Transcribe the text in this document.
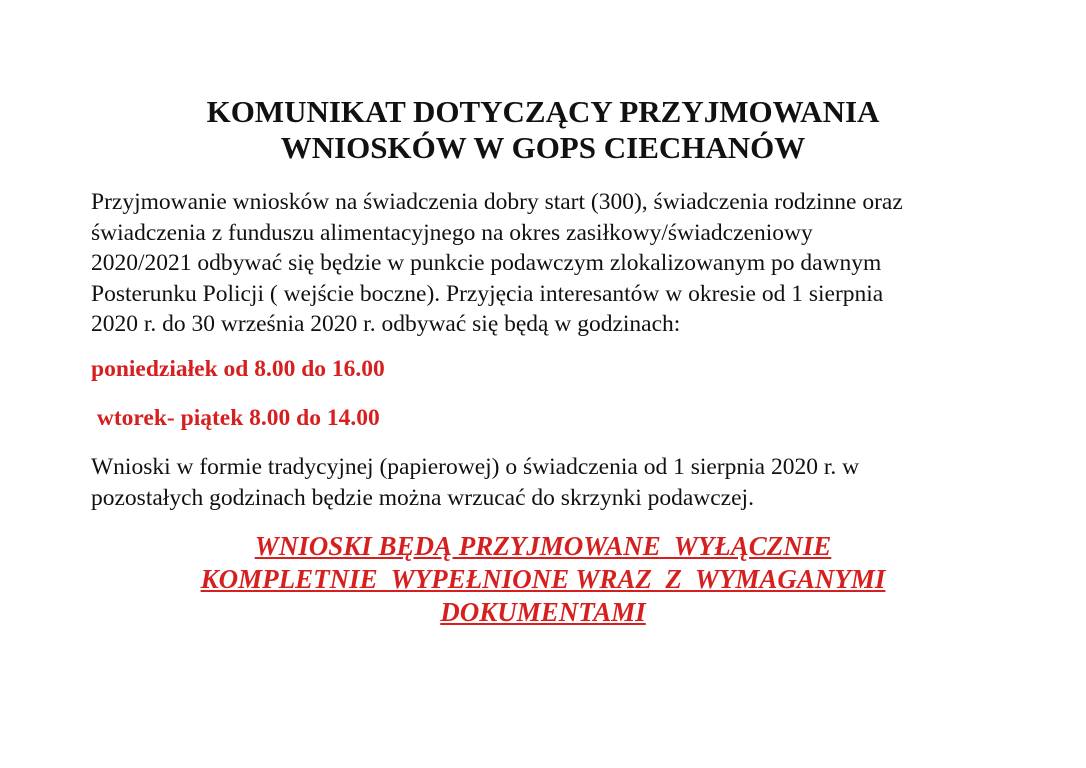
KOMUNIKAT DOTYCZĄCY PRZYJMOWANIA
WNIOSKÓW W GOPS CIECHANÓW
Przyjmowanie wniosków na świadczenia dobry start (300), świadczenia rodzinne oraz
świadczenia z funduszu alimentacyjnego na okres zasiłkowy/świadczeniowy
2020/2021 odbywać się będzie w punkcie podawczym zlokalizowanym po dawnym
Posterunku Policji ( wejście boczne). Przyjęcia interesantów w okresie od 1 sierpnia
2020 r. do 30 września 2020 r. odbywać się będą w godzinach:

poniedziałek od 8.00 do 16.00

wtorek- piątek 8.00 do 14.00

Wnioski w formie tradycyjnej (papierowej) o świadczenia od 1 sierpnia 2020 r. w
pozostałych godzinach będzie można wrzucać do skrzynki podawczej.
WNIOSKI BĘDĄ PRZYJMOWANE  WYŁĄCZNIE
KOMPLETNIE  WYPEŁNIONE WRAZ  Z  WYMAGANYMI
DOKUMENTAMI
